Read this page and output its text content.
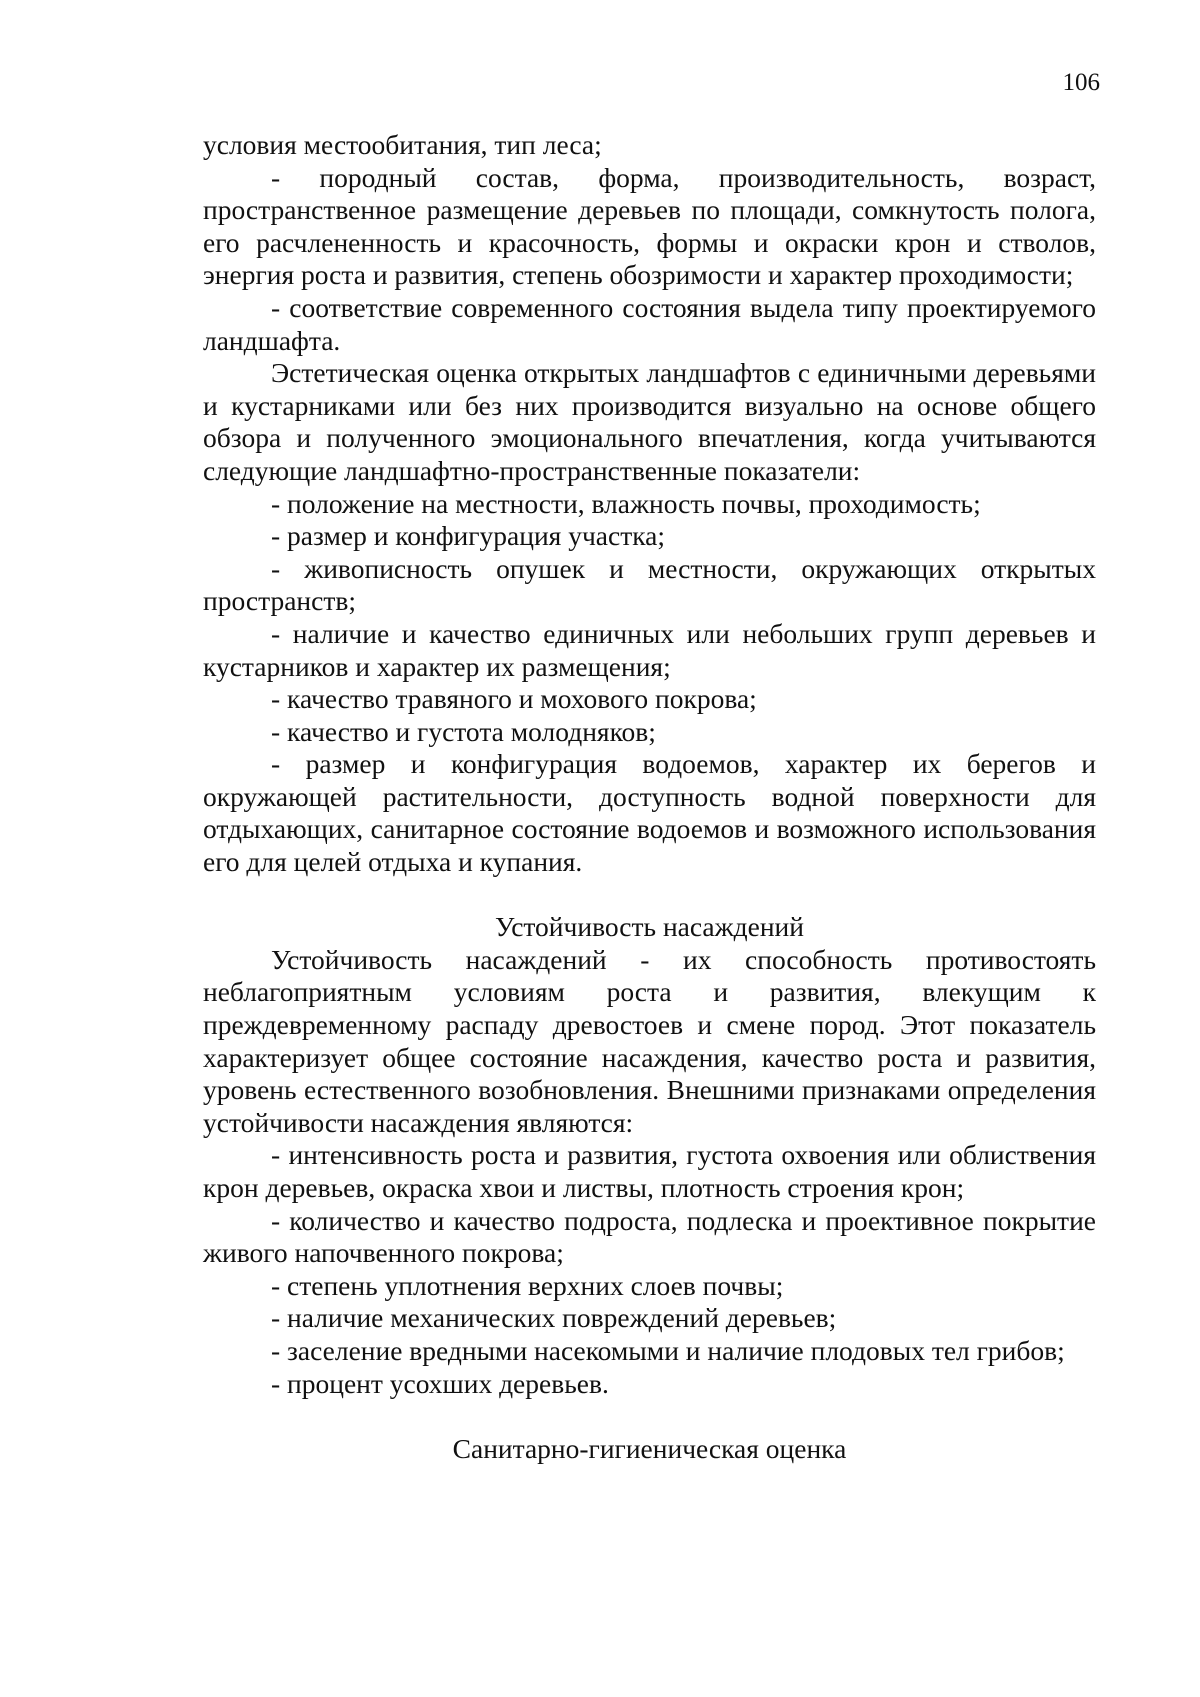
106

условия местообитания, тип леса;

- породный состав, форма, производительность, возраст, пространственное размещение деревьев по площади, сомкнутость полога, его расчлененность и красочность, формы и окраски крон и стволов, энергия роста и развития, степень обозримости и характер проходимости;

- соответствие современного состояния выдела типу проектируемого ландшафта.

Эстетическая оценка открытых ландшафтов с единичными деревьями и кустарниками или без них производится визуально на основе общего обзора и полученного эмоционального впечатления, когда учитываются следующие ландшафтно-пространственные показатели:

- положение на местности, влажность почвы, проходимость;

- размер и конфигурация участка;

- живописность опушек и местности, окружающих открытых пространств;

- наличие и качество единичных или небольших групп деревьев и кустарников и характер их размещения;

- качество травяного и мохового покрова;

- качество и густота молодняков;

- размер и конфигурация водоемов, характер их берегов и окружающей растительности, доступность водной поверхности для отдыхающих, санитарное состояние водоемов и возможного использования его для целей отдыха и купания.

Устойчивость насаждений

Устойчивость насаждений - их способность противостоять неблагоприятным условиям роста и развития, влекущим к преждевременному распаду древостоев и смене пород. Этот показатель характеризует общее состояние насаждения, качество роста и развития, уровень естественного возобновления. Внешними признаками определения устойчивости насаждения являются:

- интенсивность роста и развития, густота охвоения или облиствения крон деревьев, окраска хвои и листвы, плотность строения крон;

- количество и качество подроста, подлеска и проективное покрытие живого напочвенного покрова;

- степень уплотнения верхних слоев почвы;

- наличие механических повреждений деревьев;

- заселение вредными насекомыми и наличие плодовых тел грибов;

- процент усохших деревьев.

Санитарно-гигиеническая оценка
